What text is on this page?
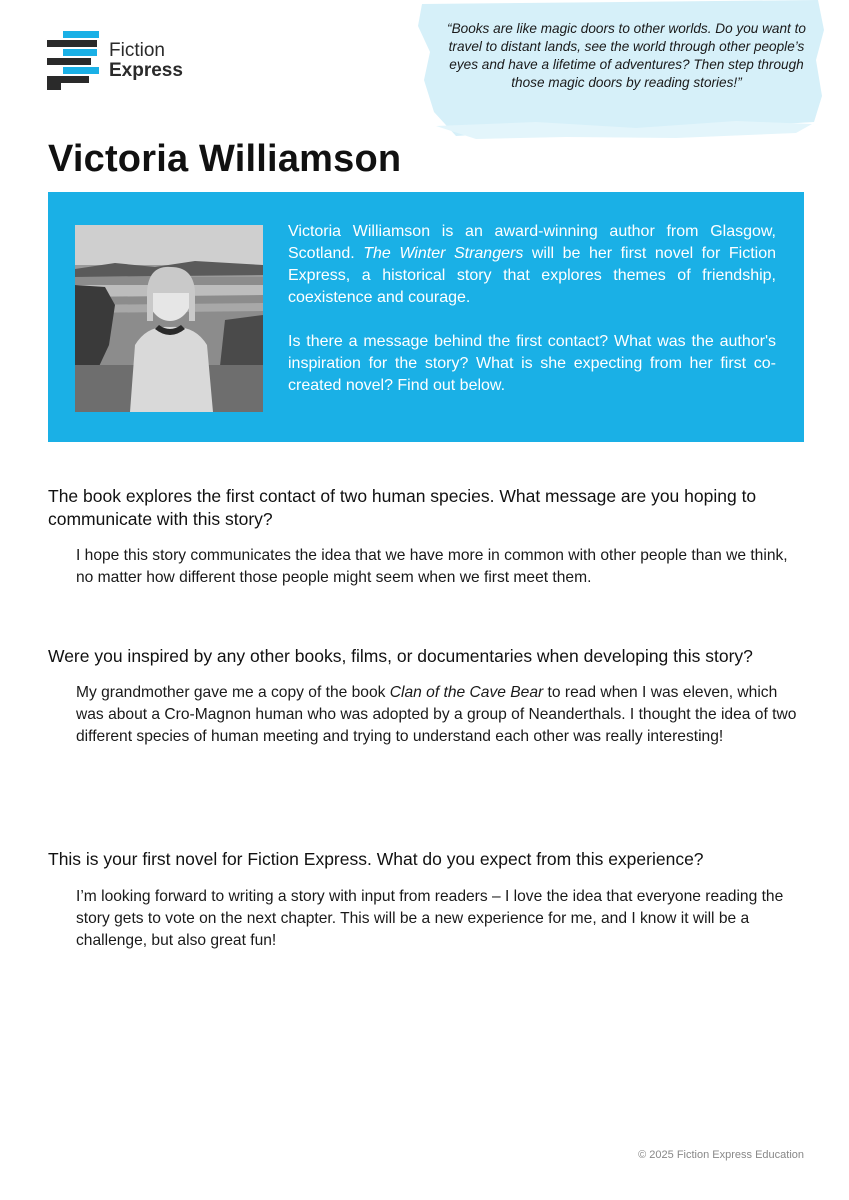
Fiction
Express
“Books are like magic doors to other worlds. Do you want to travel to distant lands, see the world through other people’s eyes and have a lifetime of adventures? Then step through those magic doors by reading stories!”
Victoria Williamson

Victoria Williamson is an award-winning author from Glasgow, Scotland. The Winter Strangers will be her first novel for Fiction Express, a historical story that explores themes of friendship, coexistence and courage.

Is there a message behind the first contact? What was the author's inspiration for the story? What is she expecting from her first co-created novel? Find out below.

The book explores the first contact of two human species. What message are you hoping to communicate with this story?

I hope this story communicates the idea that we have more in common with other people than we think, no matter how different those people might seem when we first meet them.

Were you inspired by any other books, films, or documentaries when developing this story?

My grandmother gave me a copy of the book Clan of the Cave Bear to read when I was eleven, which was about a Cro-Magnon human who was adopted by a group of Neanderthals. I thought the idea of two different species of human meeting and trying to understand each other was really interesting!

This is your first novel for Fiction Express. What do you expect from this experience?

I’m looking forward to writing a story with input from readers – I love the idea that everyone reading the story gets to vote on the next chapter. This will be a new experience for me, and I know it will be a challenge, but also great fun!

© 2025 Fiction Express Education
